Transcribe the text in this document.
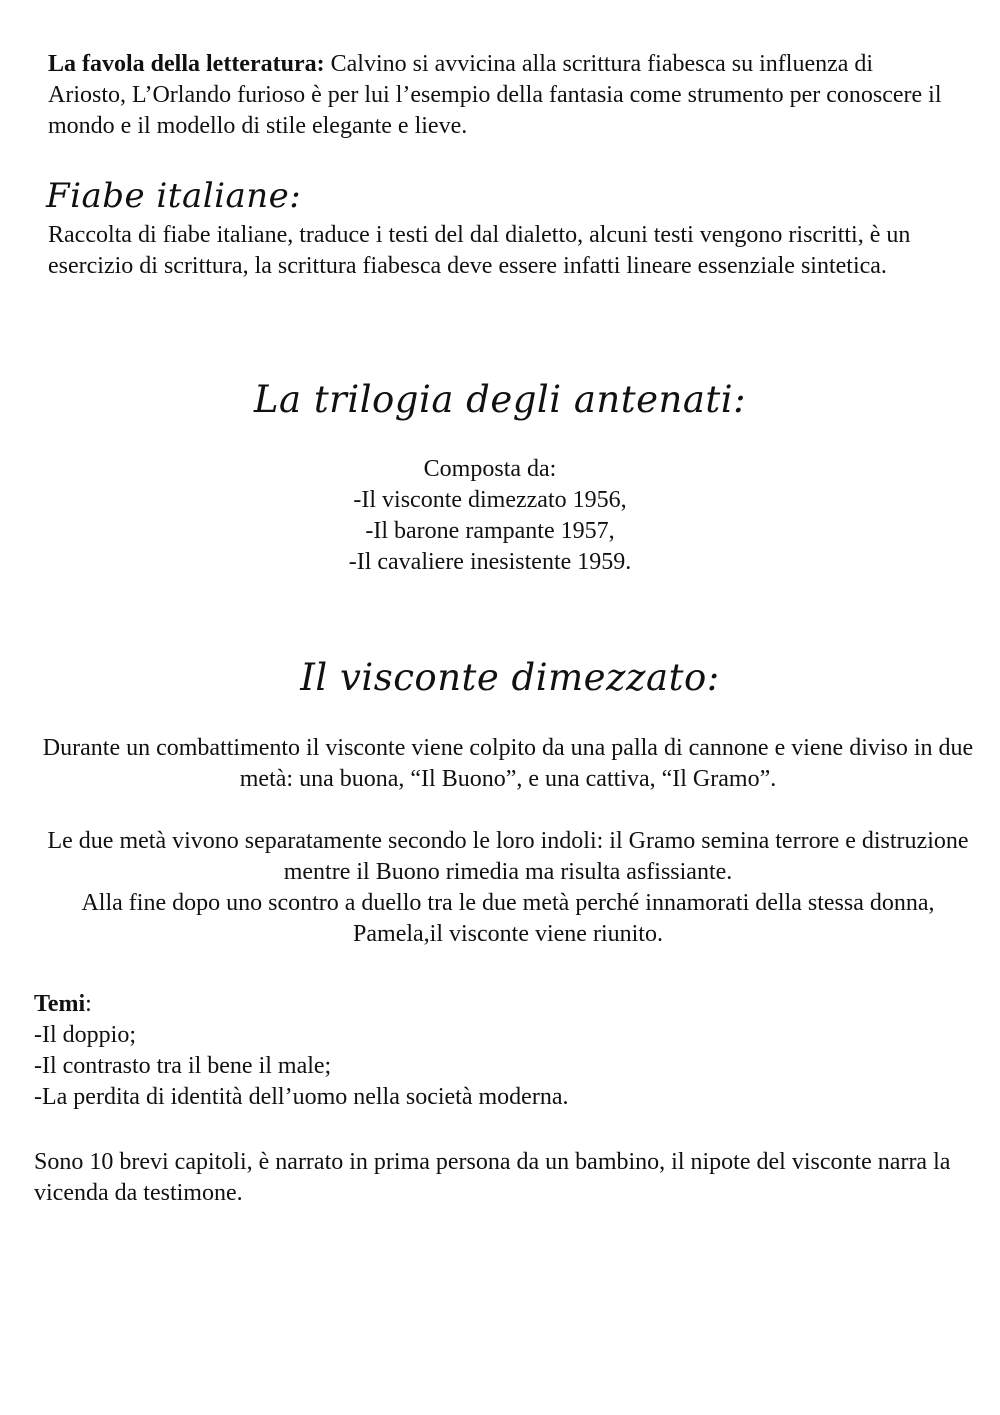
La favola della letteratura: Calvino si avvicina alla scrittura fiabesca su influenza di Ariosto, L’Orlando furioso è per lui l’esempio della fantasia come strumento per conoscere il mondo e il modello di stile elegante e lieve.

Fiabe italiane:

Raccolta di fiabe italiane, traduce i testi del dal dialetto, alcuni testi vengono riscritti, è un esercizio di scrittura, la scrittura fiabesca deve essere infatti lineare essenziale sintetica.

La trilogia degli antenati:

Composta da:

-Il visconte dimezzato 1956,

-Il barone rampante 1957,

-Il cavaliere inesistente 1959.

Il visconte dimezzato:

Durante un combattimento il visconte viene colpito da una palla di cannone e viene diviso in due metà: una buona, “Il Buono”, e una cattiva, “Il Gramo”.

Le due metà vivono separatamente secondo le loro indoli: il Gramo semina terrore e distruzione mentre il Buono rimedia ma risulta asfissiante.

Alla fine dopo uno scontro a duello tra le due metà perché innamorati della stessa donna, Pamela,il visconte viene riunito.

Temi:

-Il doppio;

-Il contrasto tra il bene il male;

-La perdita di identità dell’uomo nella società moderna.

Sono 10 brevi capitoli, è narrato in prima persona da un bambino, il nipote del visconte narra la vicenda da testimone.
